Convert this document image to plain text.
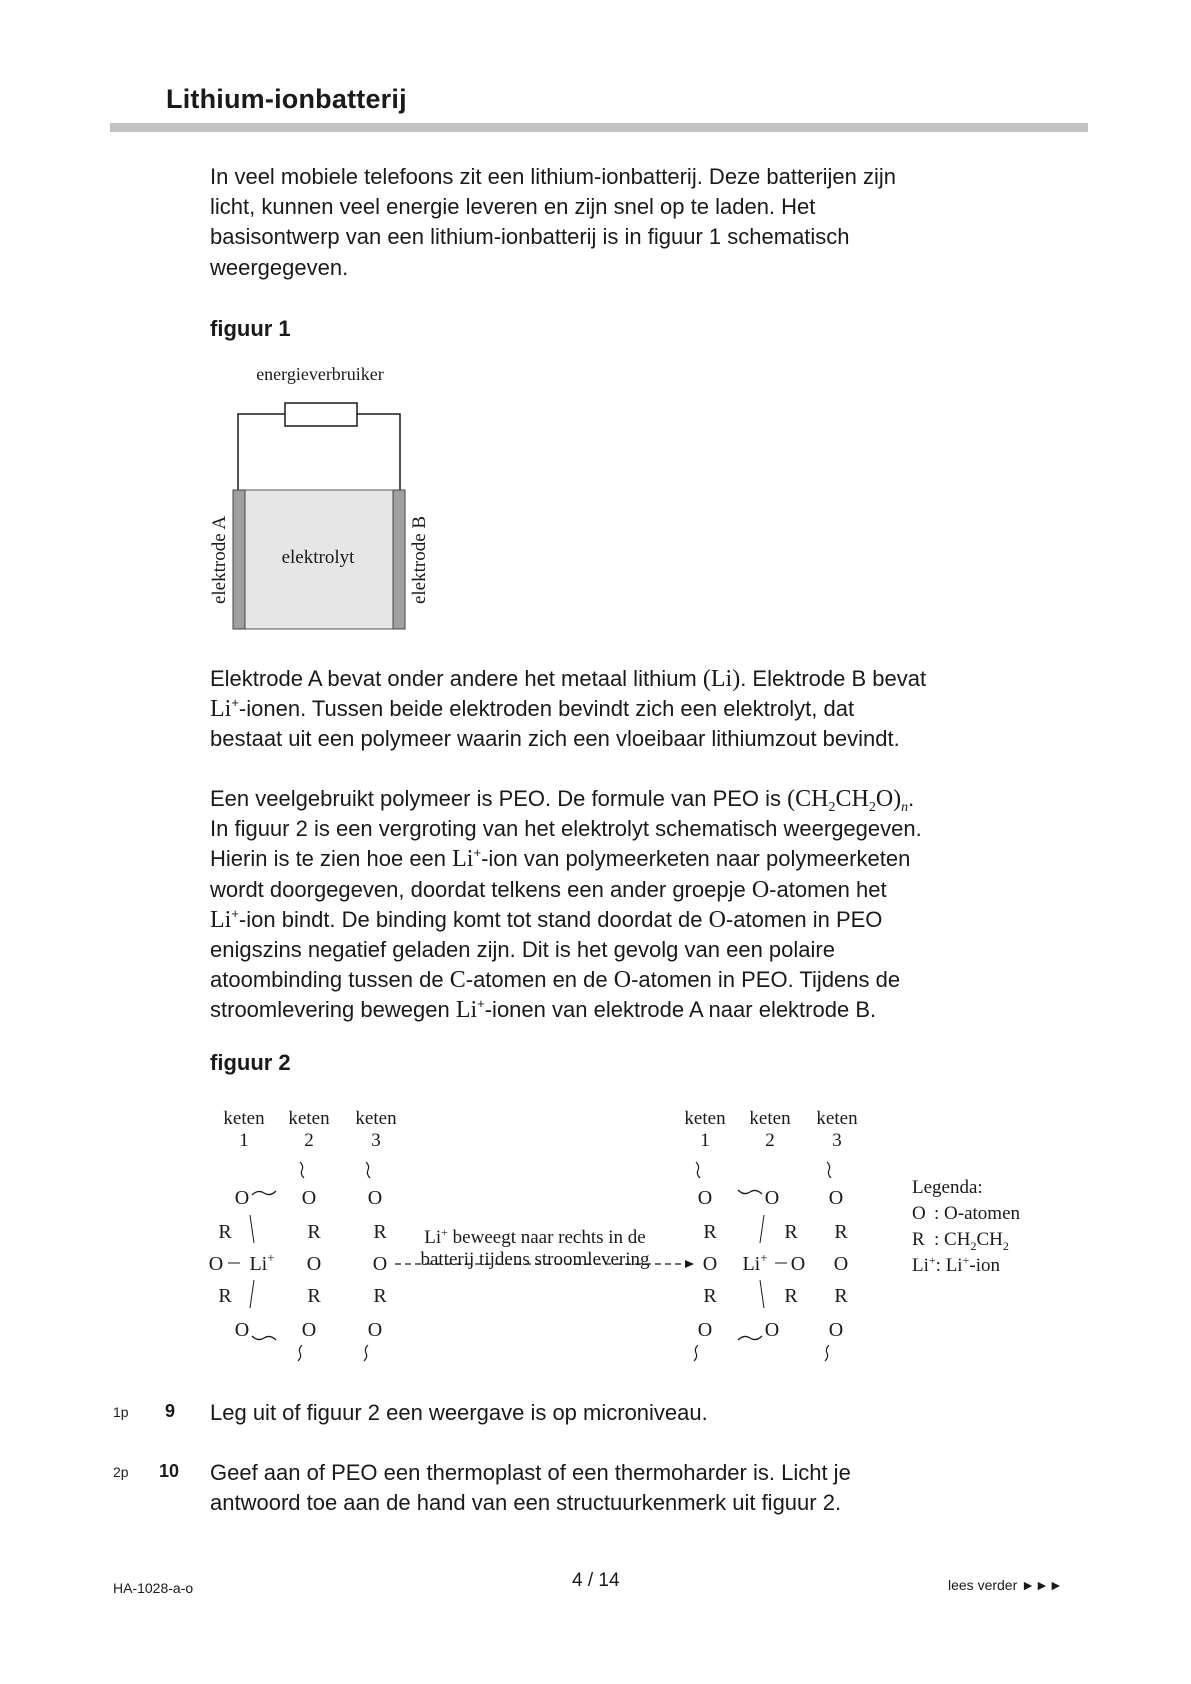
Lithium-ionbatterij
In veel mobiele telefoons zit een lithium-ionbatterij. Deze batterijen zijn
licht, kunnen veel energie leveren en zijn snel op te laden. Het
basisontwerp van een lithium-ionbatterij is in figuur 1 schematisch
weergegeven.
figuur 1
energieverbruiker
elektrolyt
elektrode A	elektrode B
Elektrode A bevat onder andere het metaal lithium (Li). Elektrode B bevat
Li+-ionen. Tussen beide elektroden bevindt zich een elektrolyt, dat
bestaat uit een polymeer waarin zich een vloeibaar lithiumzout bevindt.
Een veelgebruikt polymeer is PEO. De formule van PEO is $(CH_2CH_2O)_n$.
In figuur 2 is een vergroting van het elektrolyt schematisch weergegeven.
Hierin is te zien hoe een Li+-ion van polymeerketen naar polymeerketen
wordt doorgegeven, doordat telkens een ander groepje O-atomen het
Li+-ion bindt. De binding komt tot stand doordat de O-atomen in PEO
enigszins negatief geladen zijn. Dit is het gevolg van een polaire
atoombinding tussen de C-atomen en de O-atomen in PEO. Tijdens de
stroomlevering bewegen Li+-ionen van elektrode A naar elektrode B.
figuur 2
keten
1
keten
2
keten
3
keten
1
keten
2
keten
3
O
R
O
R
O
Li+
O
R
O
R
O
O
R
O
R
O
Li+ beweegt naar rechts in de
batterij tijdens stroomlevering
O
R
O
R
O
O
R
O
R
O
O
R
O
R
O
Li+
Legenda:
O : O-atomen
R : $CH_2CH_2$
Li+: Li+-ion
1p 9 Leg uit of figuur 2 een weergave is op microniveau.
2p 10 Geef aan of PEO een thermoplast of een thermoharder is. Licht je
antwoord toe aan de hand van een structuurkenmerk uit figuur 2.
HA-1028-a-o	4 / 14	lees verder ►►►
